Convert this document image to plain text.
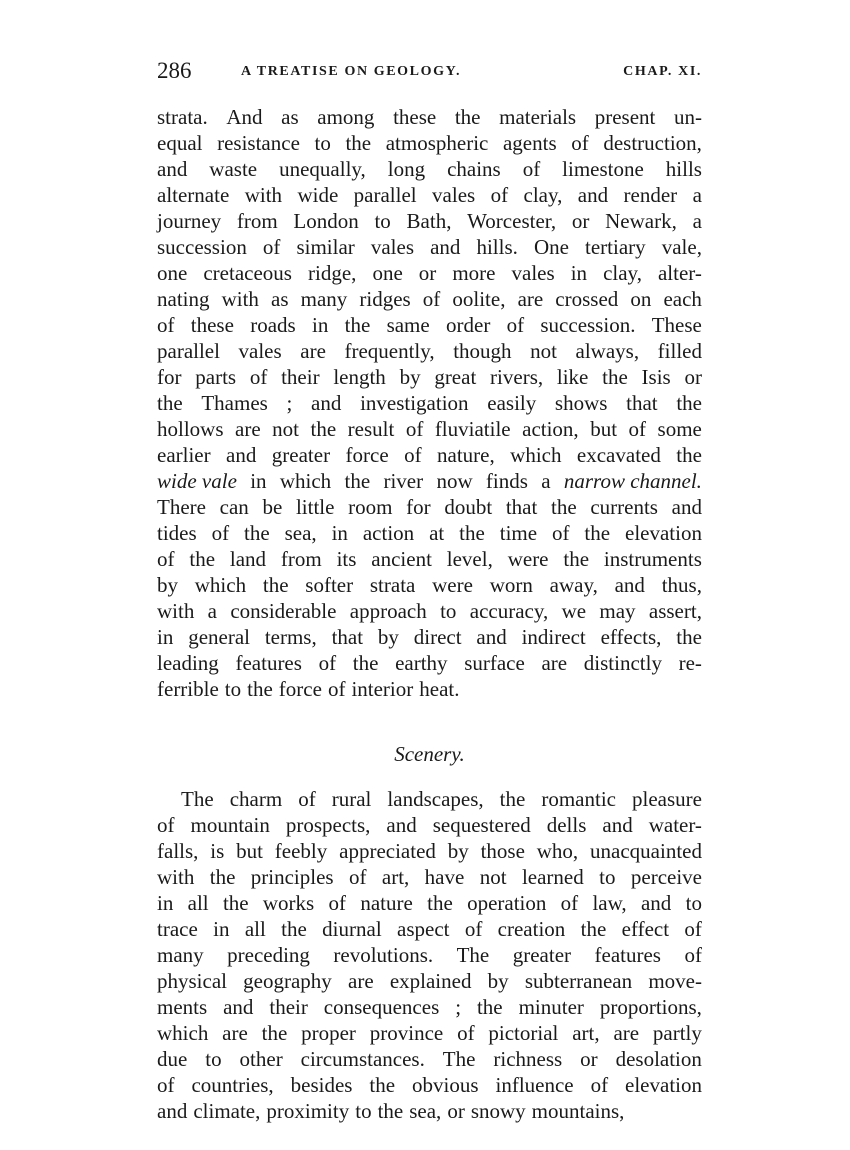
286	A TREATISE ON GEOLOGY.	CHAP. XI.
strata. And as among these the materials present un-
equal resistance to the atmospheric agents of destruction,
and waste unequally, long chains of limestone hills
alternate with wide parallel vales of clay, and render a
journey from London to Bath, Worcester, or Newark, a
succession of similar vales and hills. One tertiary vale,
one cretaceous ridge, one or more vales in clay, alter-
nating with as many ridges of oolite, are crossed on each
of these roads in the same order of succession. These
parallel vales are frequently, though not always, filled
for parts of their length by great rivers, like the Isis or
the Thames ; and investigation easily shows that the
hollows are not the result of fluviatile action, but of some
earlier and greater force of nature, which excavated the
wide vale in which the river now finds a narrow channel.
There can be little room for doubt that the currents and
tides of the sea, in action at the time of the elevation
of the land from its ancient level, were the instruments
by which the softer strata were worn away, and thus,
with a considerable approach to accuracy, we may assert,
in general terms, that by direct and indirect effects, the
leading features of the earthy surface are distinctly re-
ferrible to the force of interior heat.
Scenery.
The charm of rural landscapes, the romantic pleasure
of mountain prospects, and sequestered dells and water-
falls, is but feebly appreciated by those who, unacquainted
with the principles of art, have not learned to perceive
in all the works of nature the operation of law, and to
trace in all the diurnal aspect of creation the effect of
many preceding revolutions. The greater features of
physical geography are explained by subterranean move-
ments and their consequences ; the minuter proportions,
which are the proper province of pictorial art, are partly
due to other circumstances. The richness or desolation
of countries, besides the obvious influence of elevation
and climate, proximity to the sea, or snowy mountains,
